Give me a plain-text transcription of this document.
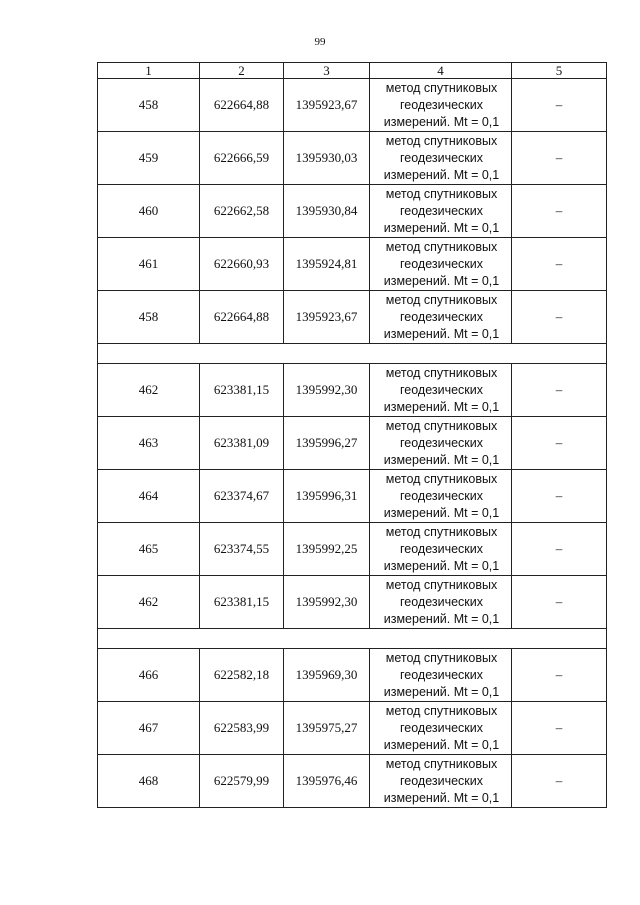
99
1	2	3	4	5
458	622664,88	1395923,67	метод спутниковых
геодезических
измерений. Mt = 0,1	–
459	622666,59	1395930,03	метод спутниковых
геодезических
измерений. Mt = 0,1	–
460	622662,58	1395930,84	метод спутниковых
геодезических
измерений. Mt = 0,1	–
461	622660,93	1395924,81	метод спутниковых
геодезических
измерений. Mt = 0,1	–
458	622664,88	1395923,67	метод спутниковых
геодезических
измерений. Mt = 0,1	–

462	623381,15	1395992,30	метод спутниковых
геодезических
измерений. Mt = 0,1	–
463	623381,09	1395996,27	метод спутниковых
геодезических
измерений. Mt = 0,1	–
464	623374,67	1395996,31	метод спутниковых
геодезических
измерений. Mt = 0,1	–
465	623374,55	1395992,25	метод спутниковых
геодезических
измерений. Mt = 0,1	–
462	623381,15	1395992,30	метод спутниковых
геодезических
измерений. Mt = 0,1	–

466	622582,18	1395969,30	метод спутниковых
геодезических
измерений. Mt = 0,1	–
467	622583,99	1395975,27	метод спутниковых
геодезических
измерений. Mt = 0,1	–
468	622579,99	1395976,46	метод спутниковых
геодезических
измерений. Mt = 0,1	–
